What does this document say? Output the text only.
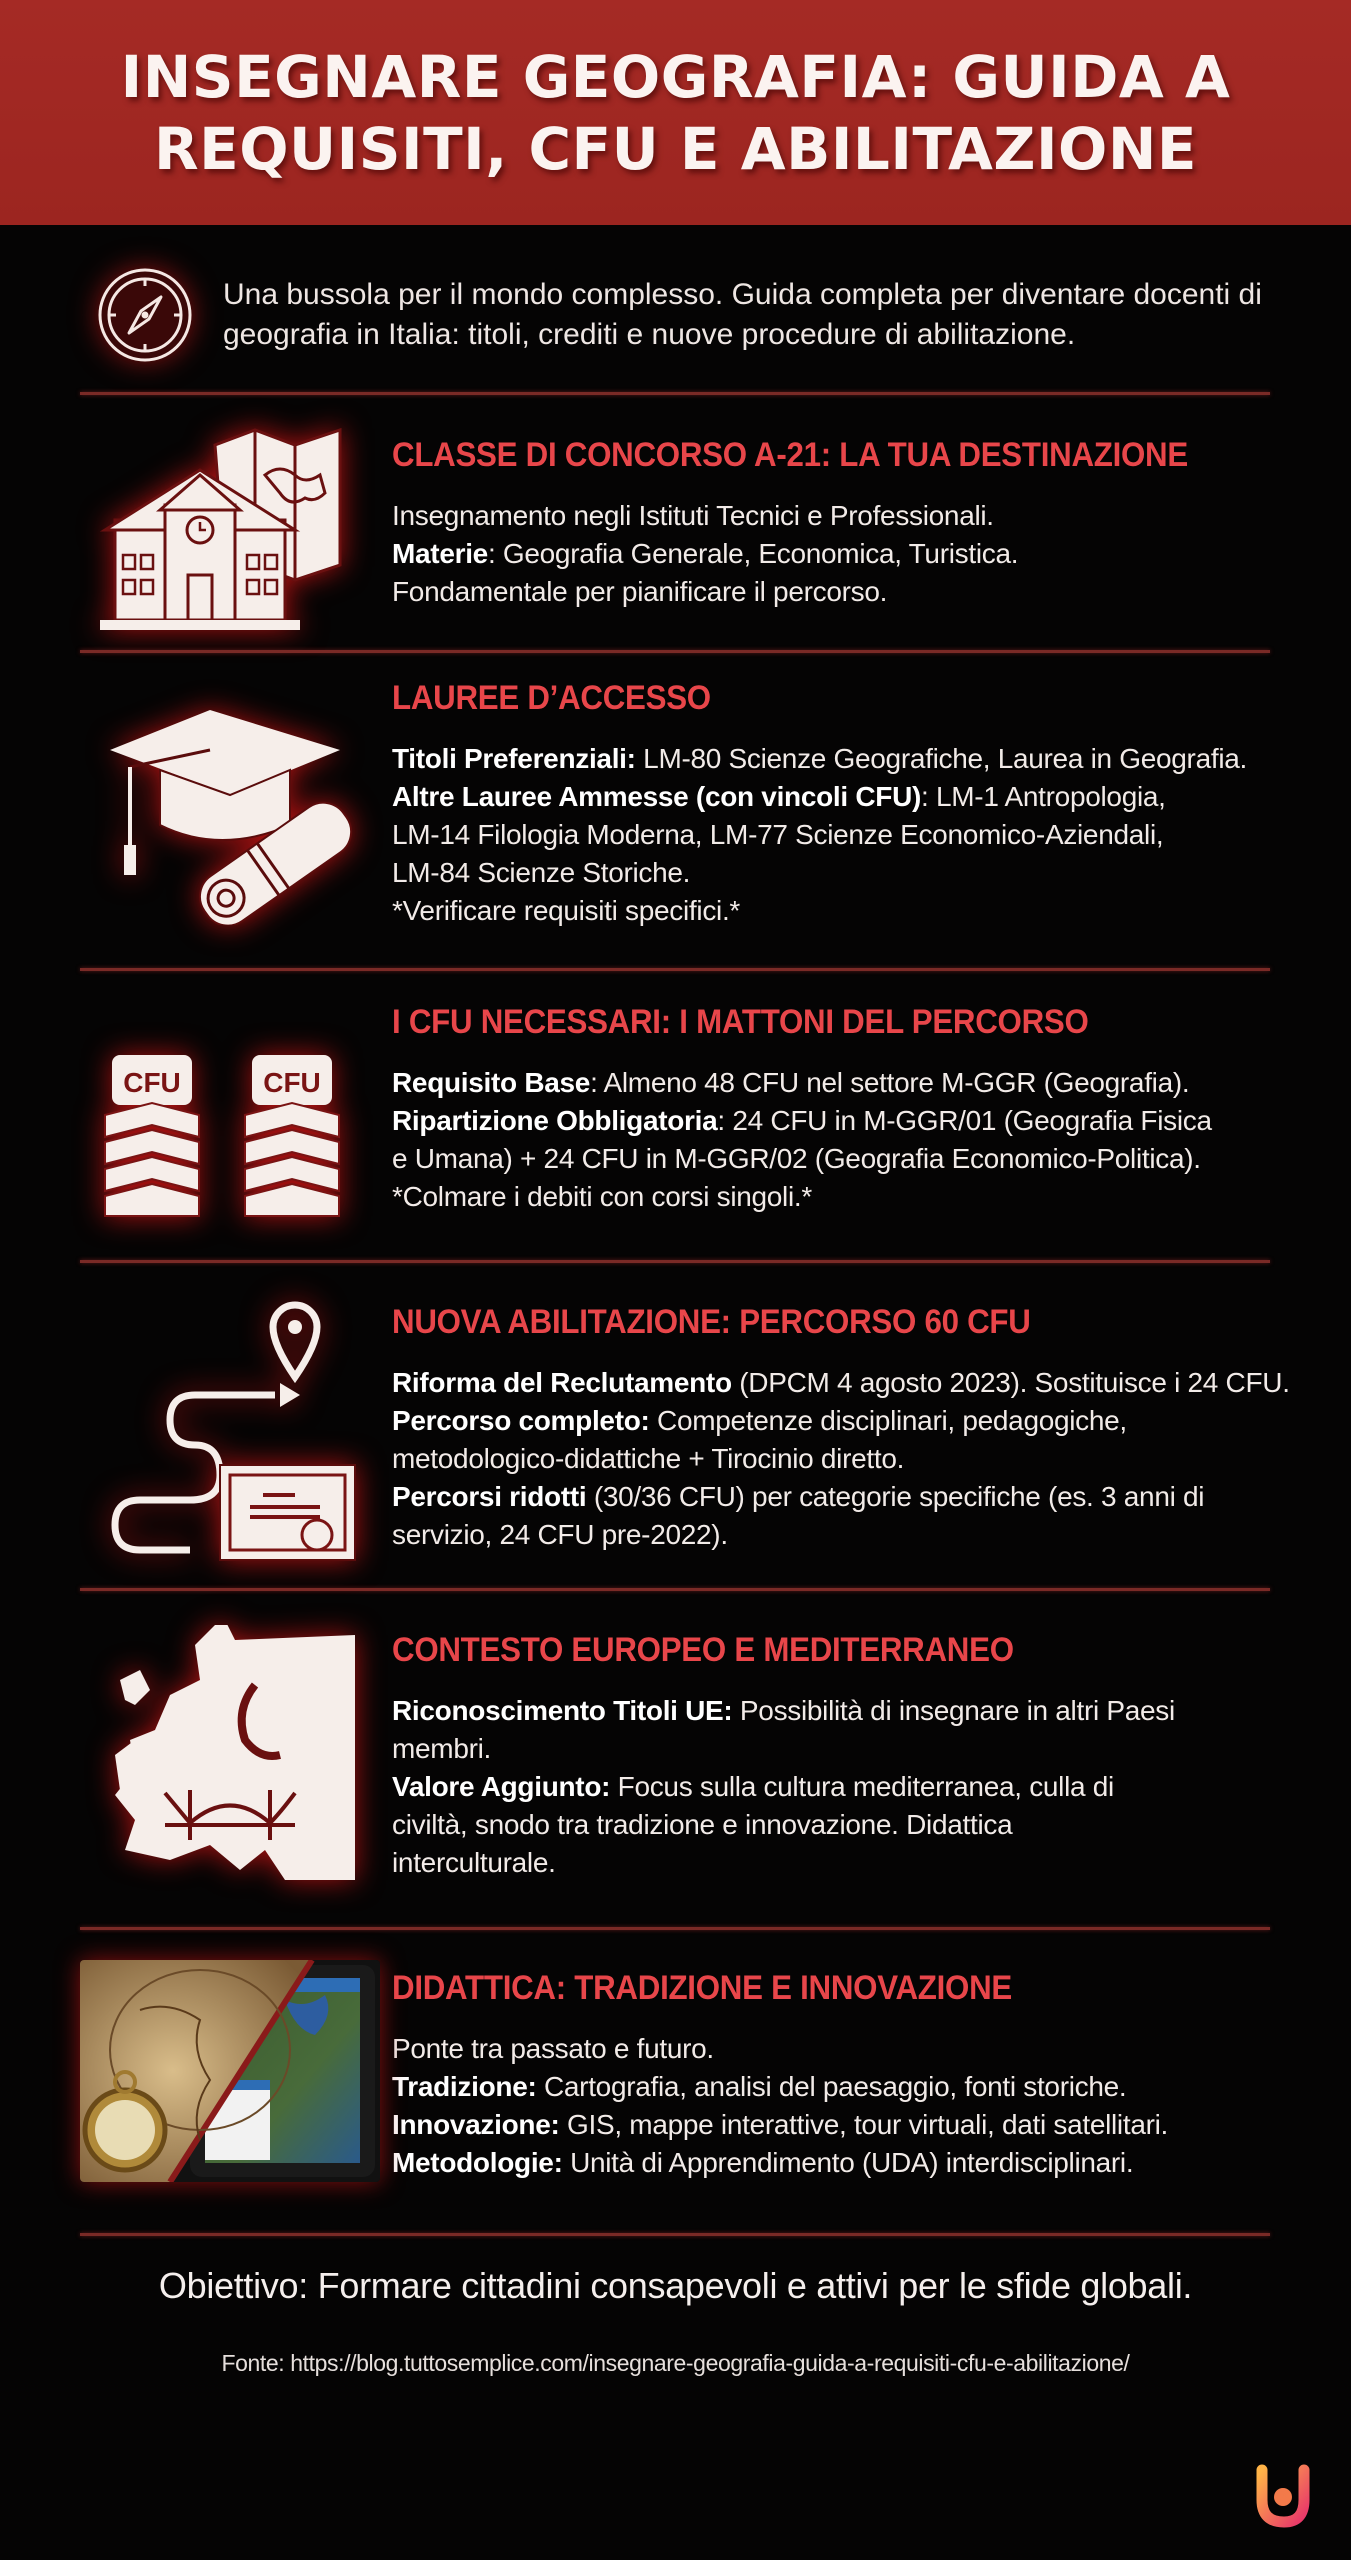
INSEGNARE GEOGRAFIA: GUIDA A REQUISITI, CFU E ABILITAZIONE

Una bussola per il mondo complesso. Guida completa per diventare docenti di geografia in Italia: titoli, crediti e nuove procedure di abilitazione.

CLASSE DI CONCORSO A-21: LA TUA DESTINAZIONE
Insegnamento negli Istituti Tecnici e Professionali.
Materie: Geografia Generale, Economica, Turistica.
Fondamentale per pianificare il percorso.
LAUREE D’ACCESSO
Titoli Preferenziali: LM-80 Scienze Geografiche, Laurea in Geografia.
Altre Lauree Ammesse (con vincoli CFU): LM-1 Antropologia,
LM-14 Filologia Moderna, LM-77 Scienze Economico-Aziendali,
LM-84 Scienze Storiche.
*Verificare requisiti specifici.*
CFU	CFU
I CFU NECESSARI: I MATTONI DEL PERCORSO
Requisito Base: Almeno 48 CFU nel settore M-GGR (Geografia).
Ripartizione Obbligatoria: 24 CFU in M-GGR/01 (Geografia Fisica
e Umana) + 24 CFU in M-GGR/02 (Geografia Economico-Politica).
*Colmare i debiti con corsi singoli.*
NUOVA ABILITAZIONE: PERCORSO 60 CFU
Riforma del Reclutamento (DPCM 4 agosto 2023). Sostituisce i 24 CFU.
Percorso completo: Competenze disciplinari, pedagogiche,
metodologico-didattiche + Tirocinio diretto.
Percorsi ridotti (30/36 CFU) per categorie specifiche (es. 3 anni di
servizio, 24 CFU pre-2022).
CONTESTO EUROPEO E MEDITERRANEO
Riconoscimento Titoli UE: Possibilità di insegnare in altri Paesi
membri.
Valore Aggiunto: Focus sulla cultura mediterranea, culla di
civiltà, snodo tra tradizione e innovazione. Didattica
interculturale.
DIDATTICA: TRADIZIONE E INNOVAZIONE
Ponte tra passato e futuro.
Tradizione: Cartografia, analisi del paesaggio, fonti storiche.
Innovazione: GIS, mappe interattive, tour virtuali, dati satellitari.
Metodologie: Unità di Apprendimento (UDA) interdisciplinari.
Obiettivo: Formare cittadini consapevoli e attivi per le sfide globali.
Fonte: https://blog.tuttosemplice.com/insegnare-geografia-guida-a-requisiti-cfu-e-abilitazione/
